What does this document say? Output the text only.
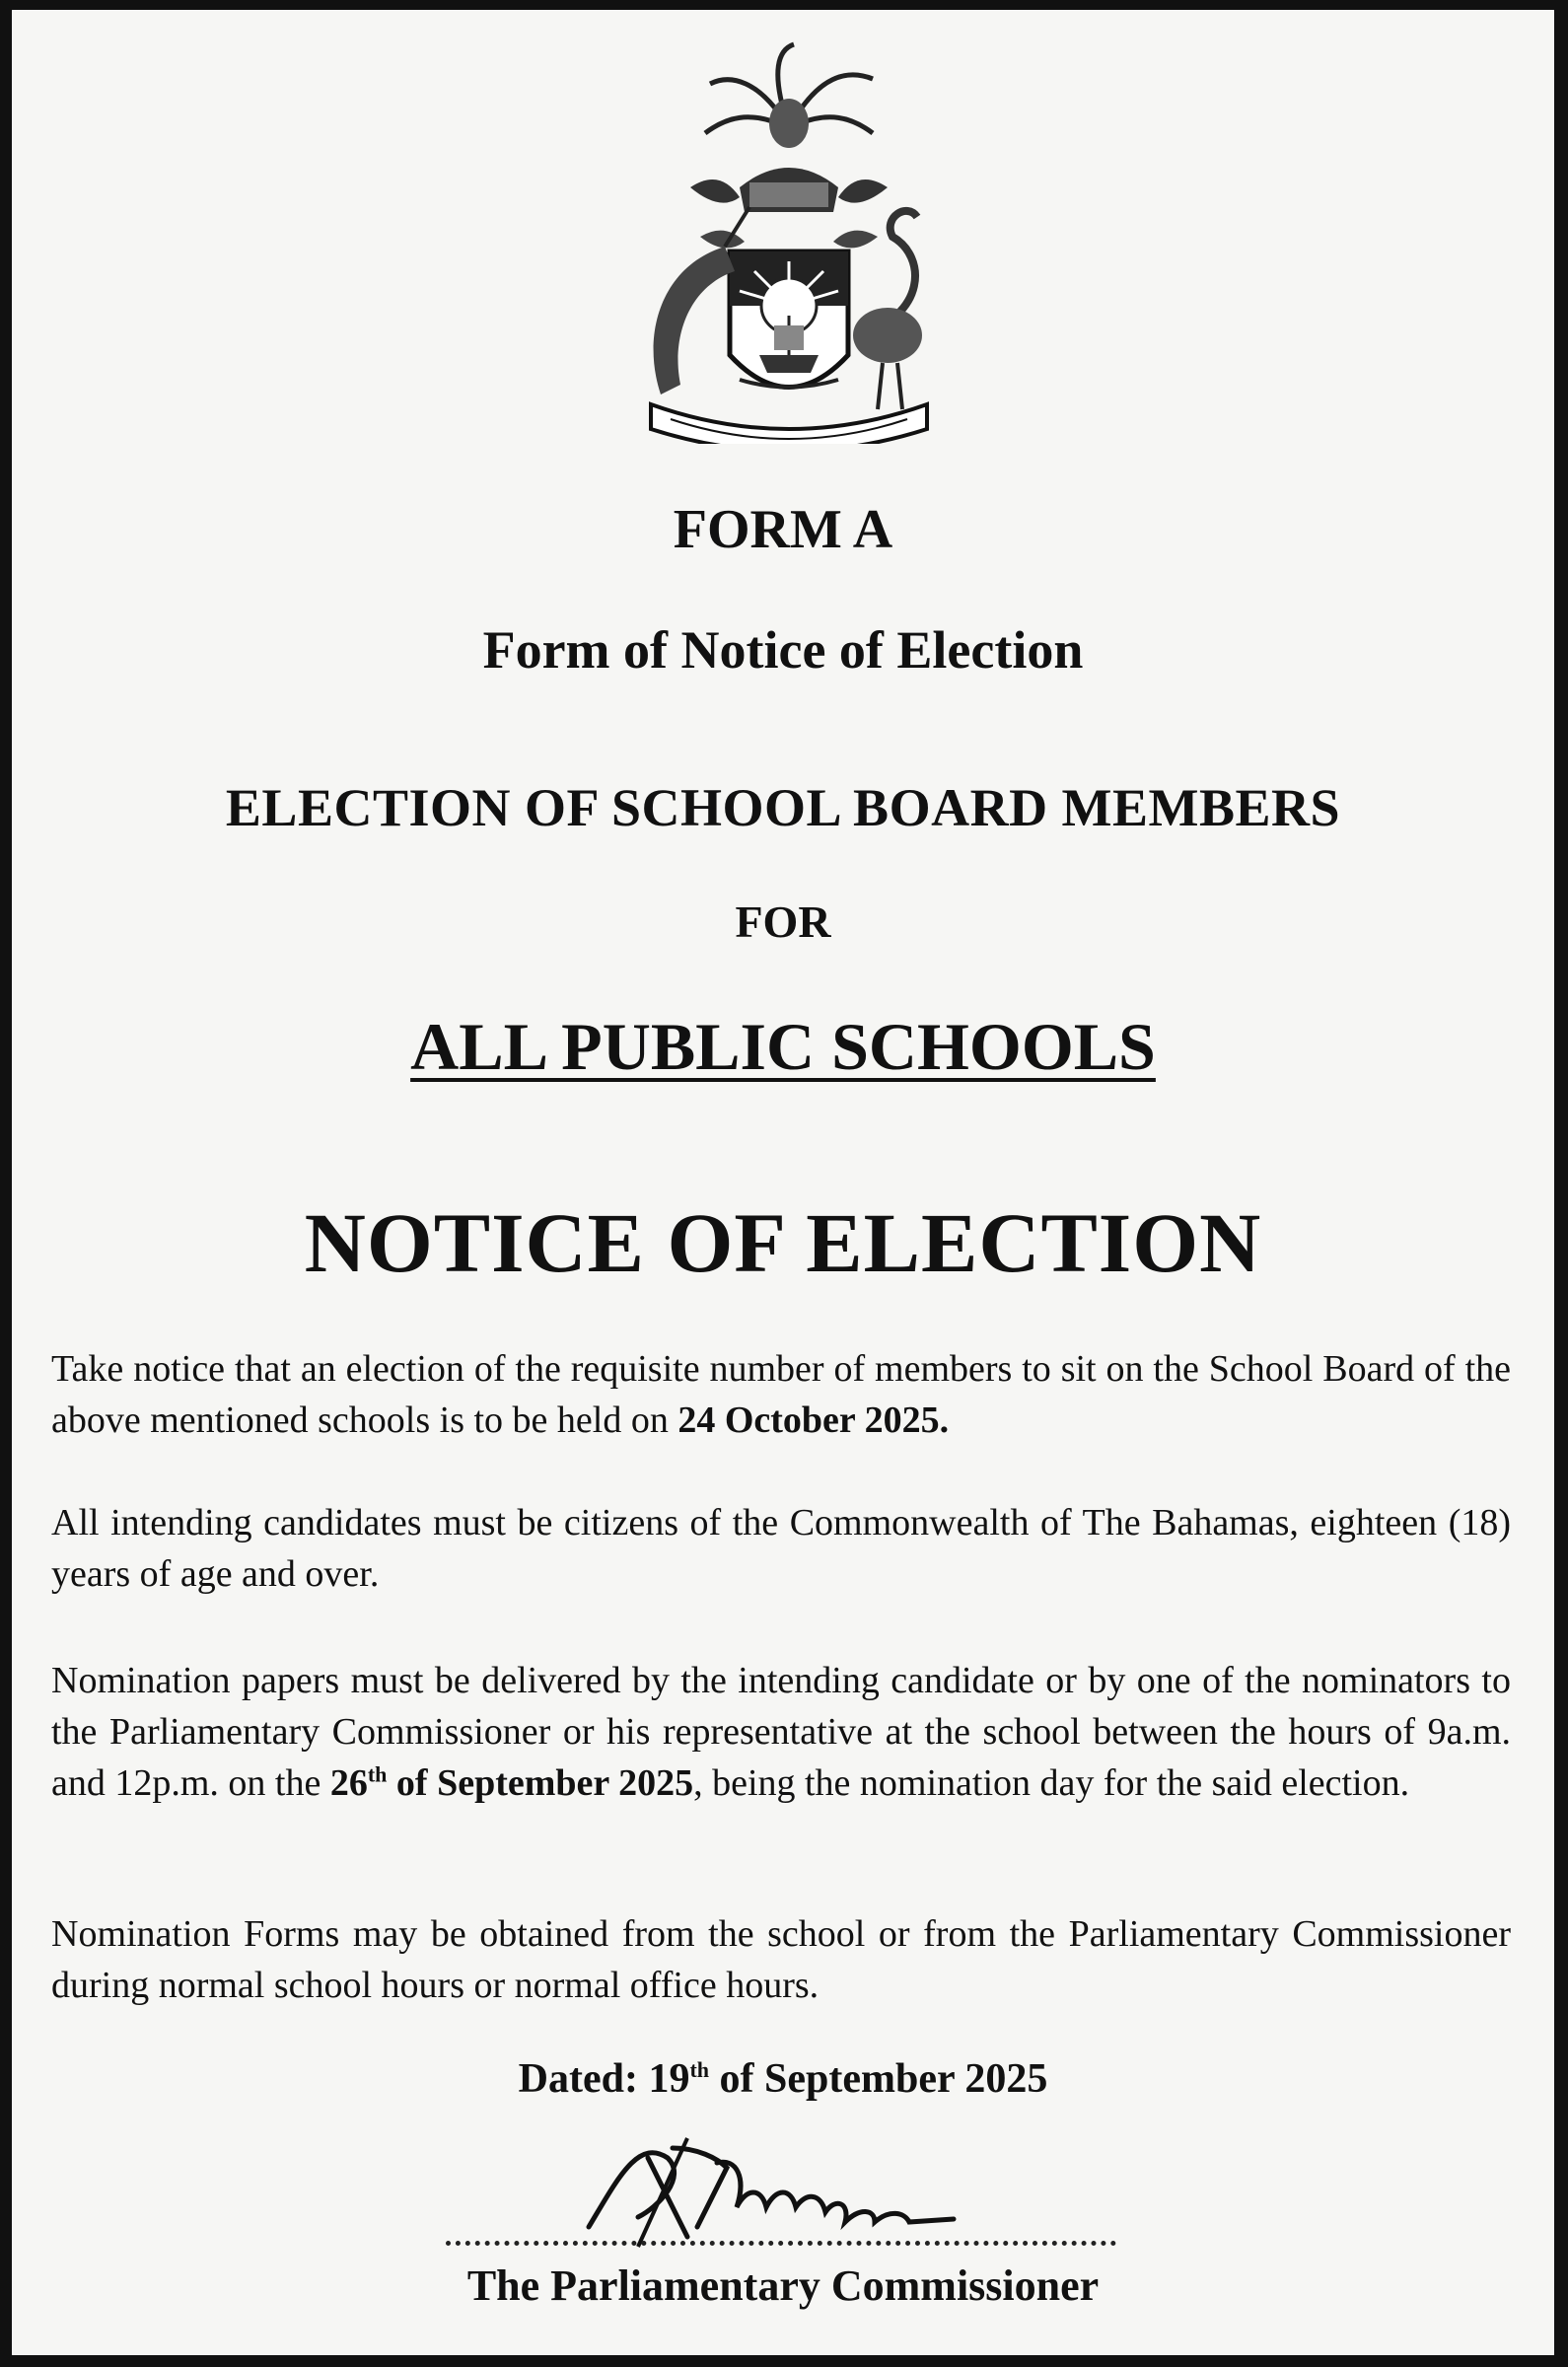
FORM A
Form of Notice of Election
ELECTION OF SCHOOL BOARD MEMBERS
FOR
ALL PUBLIC SCHOOLS
NOTICE OF ELECTION

Take notice that an election of the requisite number of members to sit on the School Board of the above mentioned schools is to be held on 24 October 2025.

All intending candidates must be citizens of the Commonwealth of The Bahamas, eighteen (18) years of age and over.

Nomination papers must be delivered by the intending candidate or by one of the nominators to the Parliamentary Commissioner or his representative at the school between the hours of 9a.m. and 12p.m. on the 26th of September 2025, being the nomination day for the said election.

Nomination Forms may be obtained from the school or from the Parliamentary Commissioner during normal school hours or normal office hours.

Dated: 19th of September 2025

The Parliamentary Commissioner
